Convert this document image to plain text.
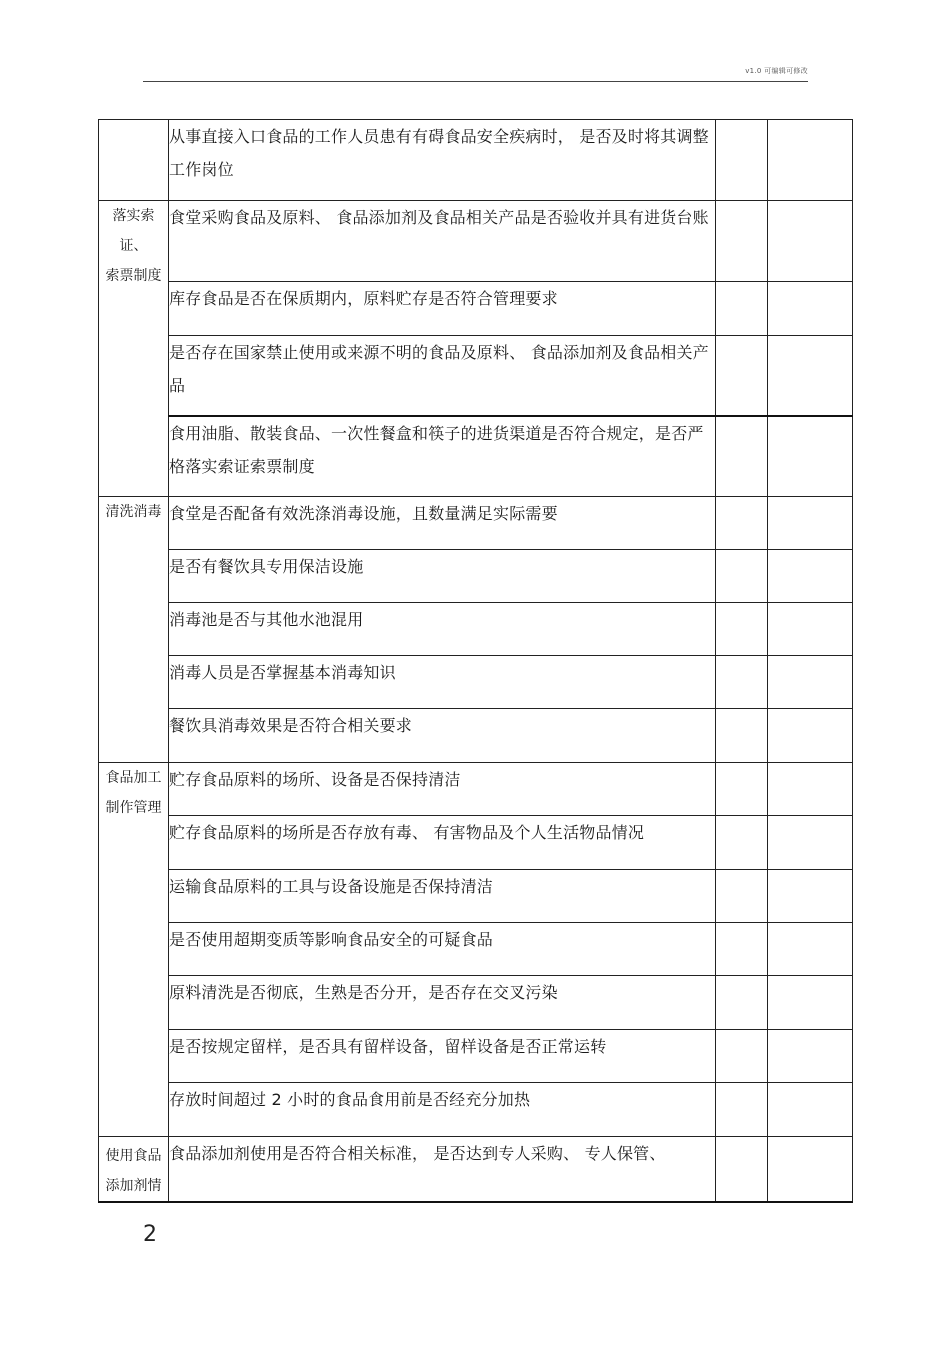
v1.0 可编辑可修改
	从事直接入口食品的工作人员患有有碍食品安全疾病时， 是否及时将其调整工作岗位		

落实索
证、
索票制度	食堂采购食品及原料、 食品添加剂及食品相关产品是否验收并具有进货台账		
	库存食品是否在保质期内，原料贮存是否符合管理要求		
	是否存在国家禁止使用或来源不明的食品及原料、 食品添加剂及食品相关产品		
	食用油脂、散装食品、一次性餐盒和筷子的进货渠道是否符合规定，是否严格落实索证索票制度		

清洗消毒	食堂是否配备有效洗涤消毒设施，且数量满足实际需要		
	是否有餐饮具专用保洁设施		
	消毒池是否与其他水池混用		
	消毒人员是否掌握基本消毒知识		
	餐饮具消毒效果是否符合相关要求		

食品加工
制作管理	贮存食品原料的场所、设备是否保持清洁		
	贮存食品原料的场所是否存放有毒、 有害物品及个人生活物品情况		
	运输食品原料的工具与设备设施是否保持清洁		
	是否使用超期变质等影响食品安全的可疑食品		
	原料清洗是否彻底，生熟是否分开，是否存在交叉污染		
	是否按规定留样，是否具有留样设备，留样设备是否正常运转		
	存放时间超过 2 小时的食品食用前是否经充分加热		

使用食品
添加剂情	食品添加剂使用是否符合相关标准， 是否达到专人采购、 专人保管、		
2
